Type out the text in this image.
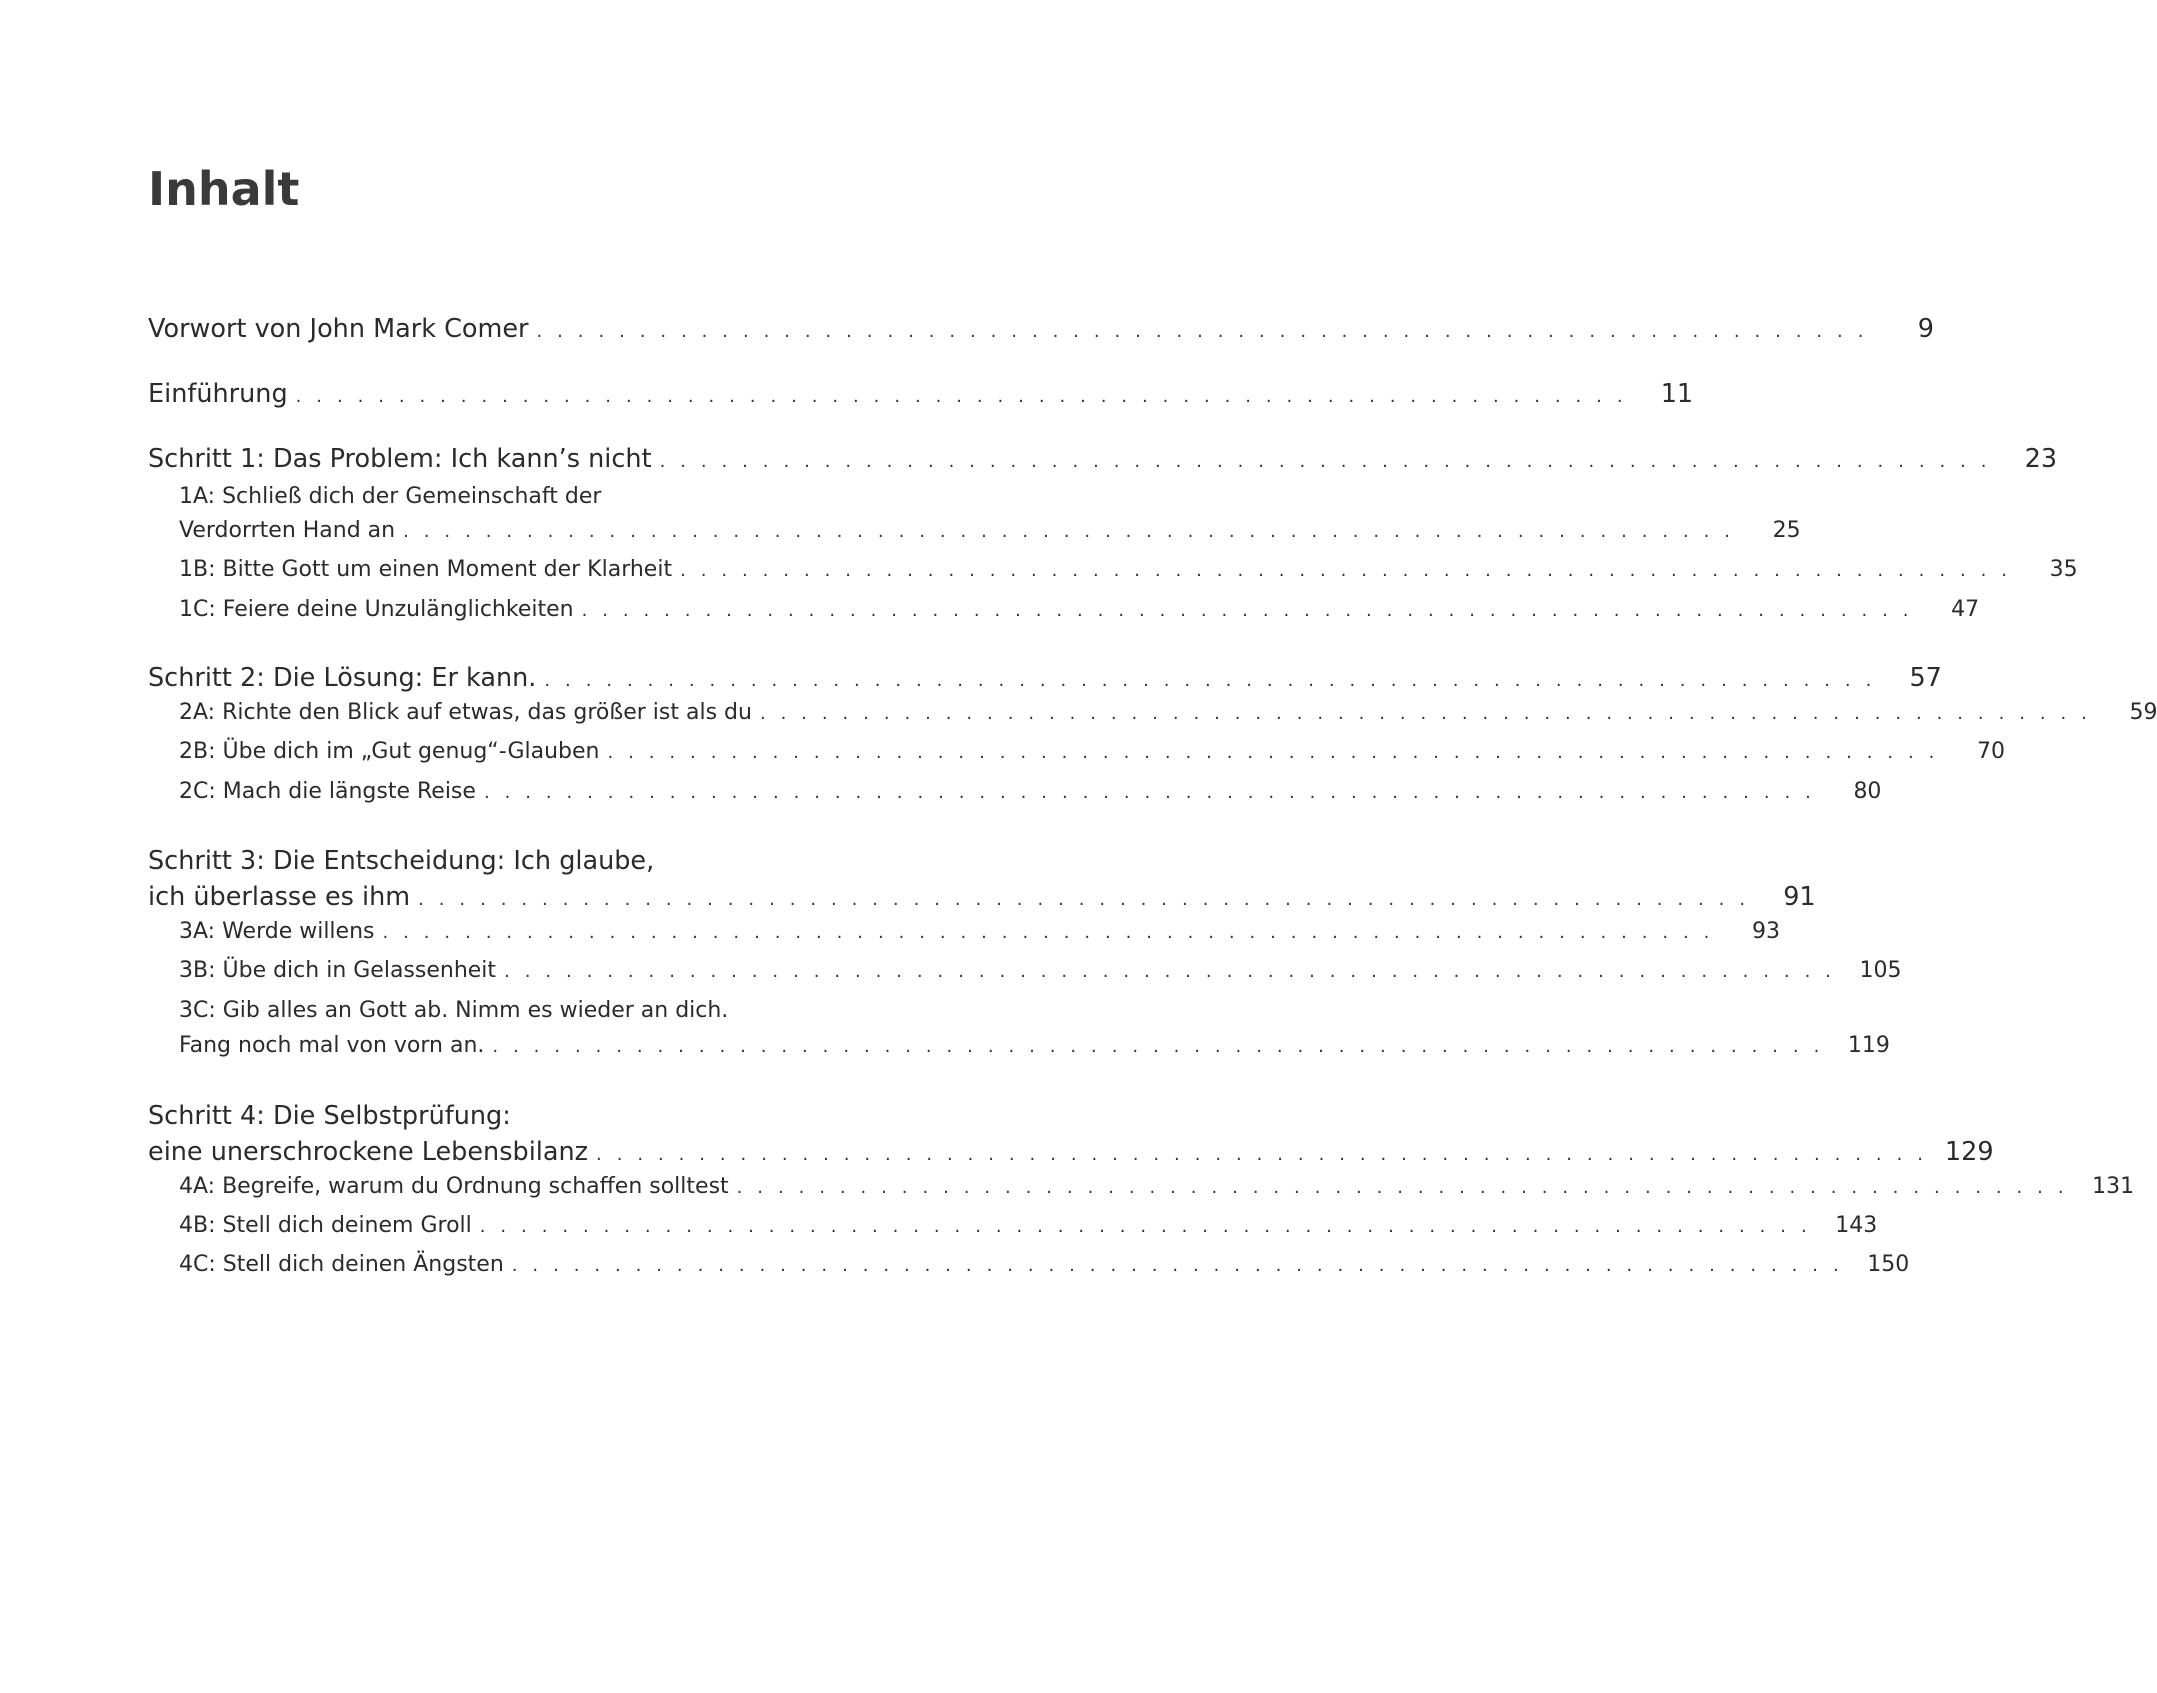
Inhalt
Vorwort von John Mark Comer . . . . . . . . . . . . . . . . . . . . . . . . . . . . . . . . . . . . . . . . . . . . . . . . . . . . . . . . . . . . . . . . .	9
Einführung . . . . . . . . . . . . . . . . . . . . . . . . . . . . . . . . . . . . . . . . . . . . . . . . . . . . . . . . . . . . . . . . .	11
Schritt 1: Das Problem: Ich kann’s nicht . . . . . . . . . . . . . . . . . . . . . . . . . . . . . . . . . . . . . . . . . . . . . . . . . . . . . . . . . . . . . . . . .	23
1A: Schließ dich der Gemeinschaft der
Verdorrten Hand an . . . . . . . . . . . . . . . . . . . . . . . . . . . . . . . . . . . . . . . . . . . . . . . . . . . . . . . . . . . . . . . . .	25
1B: Bitte Gott um einen Moment der Klarheit . . . . . . . . . . . . . . . . . . . . . . . . . . . . . . . . . . . . . . . . . . . . . . . . . . . . . . . . . . . . . . . . .	35
1C: Feiere deine Unzulänglichkeiten . . . . . . . . . . . . . . . . . . . . . . . . . . . . . . . . . . . . . . . . . . . . . . . . . . . . . . . . . . . . . . . . .	47
Schritt 2: Die Lösung: Er kann. . . . . . . . . . . . . . . . . . . . . . . . . . . . . . . . . . . . . . . . . . . . . . . . . . . . . . . . . . . . . . . . . .	57
2A: Richte den Blick auf etwas, das größer ist als du . . . . . . . . . . . . . . . . . . . . . . . . . . . . . . . . . . . . . . . . . . . . . . . . . . . . . . . . . . . . . . . . .	59
2B: Übe dich im „Gut genug“-Glauben . . . . . . . . . . . . . . . . . . . . . . . . . . . . . . . . . . . . . . . . . . . . . . . . . . . . . . . . . . . . . . . . .	70
2C: Mach die längste Reise . . . . . . . . . . . . . . . . . . . . . . . . . . . . . . . . . . . . . . . . . . . . . . . . . . . . . . . . . . . . . . . . .	80
Schritt 3: Die Entscheidung: Ich glaube,
ich überlasse es ihm . . . . . . . . . . . . . . . . . . . . . . . . . . . . . . . . . . . . . . . . . . . . . . . . . . . . . . . . . . . . . . . . .	91
3A: Werde willens . . . . . . . . . . . . . . . . . . . . . . . . . . . . . . . . . . . . . . . . . . . . . . . . . . . . . . . . . . . . . . . . .	93
3B: Übe dich in Gelassenheit . . . . . . . . . . . . . . . . . . . . . . . . . . . . . . . . . . . . . . . . . . . . . . . . . . . . . . . . . . . . . . . . .	105
3C: Gib alles an Gott ab. Nimm es wieder an dich.
Fang noch mal von vorn an. . . . . . . . . . . . . . . . . . . . . . . . . . . . . . . . . . . . . . . . . . . . . . . . . . . . . . . . . . . . . . . . . .	119
Schritt 4: Die Selbstprüfung:
eine unerschrockene Lebensbilanz . . . . . . . . . . . . . . . . . . . . . . . . . . . . . . . . . . . . . . . . . . . . . . . . . . . . . . . . . . . . . . . . . 129
4A: Begreife, warum du Ordnung schaffen solltest . . . . . . . . . . . . . . . . . . . . . . . . . . . . . . . . . . . . . . . . . . . . . . . . . . . . . . . . . . . . . . . . .	131
4B: Stell dich deinem Groll . . . . . . . . . . . . . . . . . . . . . . . . . . . . . . . . . . . . . . . . . . . . . . . . . . . . . . . . . . . . . . . . .	143
4C: Stell dich deinen Ängsten . . . . . . . . . . . . . . . . . . . . . . . . . . . . . . . . . . . . . . . . . . . . . . . . . . . . . . . . . . . . . . . . .	150
